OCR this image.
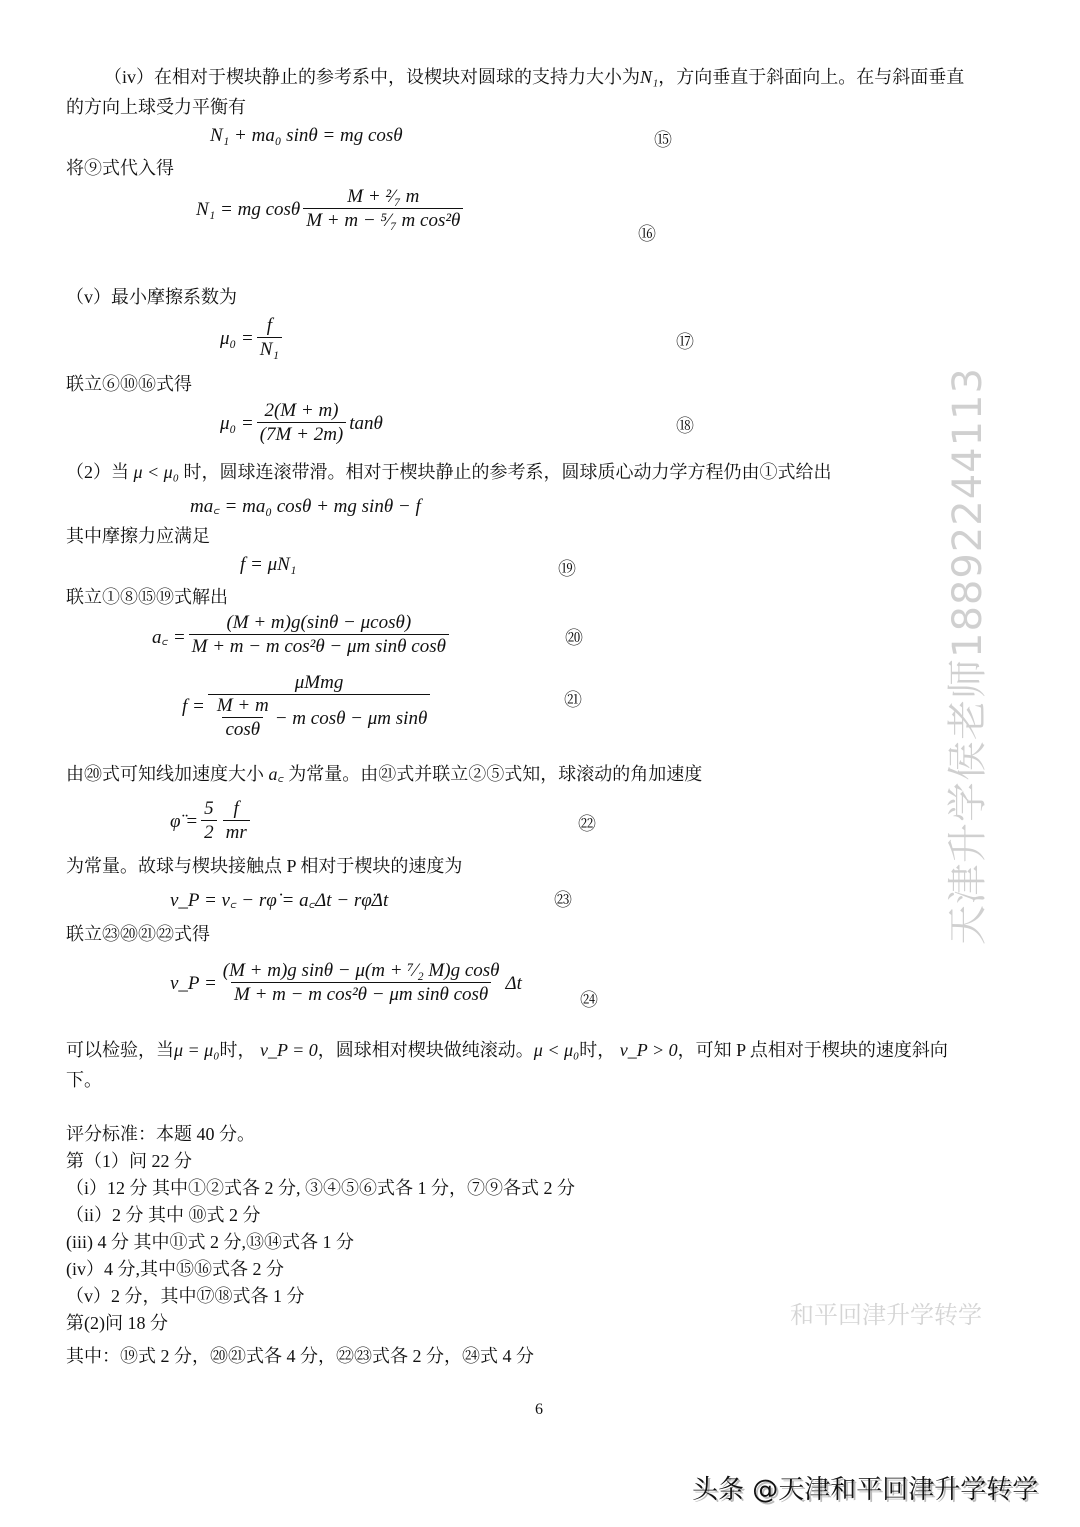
（iv）在相对于楔块静止的参考系中，设楔块对圆球的支持力大小为N₁，方向垂直于斜面向上。在与斜面垂直
的方向上球受力平衡有
N₁ + ma₀ sinθ = mg cosθ	⑮
将⑨式代入得
N₁ = mg cosθ
M + ²⁄₇ m
M + m − ⁵⁄₇ m cos²θ
⑯
（v）最小摩擦系数为
$\mu_0 = \frac{f}{\text{N₁}}$	⑰
联立⑥⑩⑯式得
$\mu_0 = \frac{2(M + m)}{(7M + 2m)}$ tanθ	⑱
（2）当 μ < μ₀ 时，圆球连滚带滑。相对于楔块静止的参考系，圆球质心动力学方程仍由①式给出
ma꜀ = ma₀ cosθ + mg sinθ − f
其中摩擦力应满足
f = μN₁	⑲
联立①⑧⑮⑲式解出
a꜀ = $\frac{(M + m)g(\sin\theta - \mu\cos\theta)}{\text{M + m − m cos²θ − μm sinθ cosθ}}$	⑳
f =
μMmg
M + m
cosθ
− m cosθ − μm sinθ
㉑
由⑳式可知线加速度大小 a꜀ 为常量。由㉑式并联立②⑤式知，球滚动的角加速度
φ̈ = $\frac{5}{2}$ f
mr	㉒
为常量。故球与楔块接触点 P 相对于楔块的速度为
v_P = v꜀ − rφ̇ = a꜀Δt − rφ̈Δt	㉓
联立㉓⑳㉑㉒式得
v_P = $\frac{\text{(M + m)g sinθ − μ(m + ⁷⁄₂ M)g cosθ}}{\text{M + m − m cos²θ − μm sinθ cosθ}}$ Δt
㉔
可以检验，当μ = μ₀时， v_P = 0，圆球相对楔块做纯滚动。μ < μ₀时， v_P > 0，可知 P 点相对于楔块的速度斜向
下。
评分标准：本题 40 分。
第（1）问 22 分
（i）12 分 其中①②式各 2 分, ③④⑤⑥式各 1 分，⑦⑨各式 2 分
（ii）2 分 其中 ⑩式 2 分
(iii) 4 分 其中⑪式 2 分,⑬⑭式各 1 分
(iv）4 分,其中⑮⑯式各 2 分
（v）2 分，其中⑰⑱式各 1 分
第(2)问 18 分
其中：⑲式 2 分，⑳㉑式各 4 分，㉒㉓式各 2 分，㉔式 4 分
6
天津升学侯老师18892244113
和平回津升学转学
头条 @天津和平回津升学转学
